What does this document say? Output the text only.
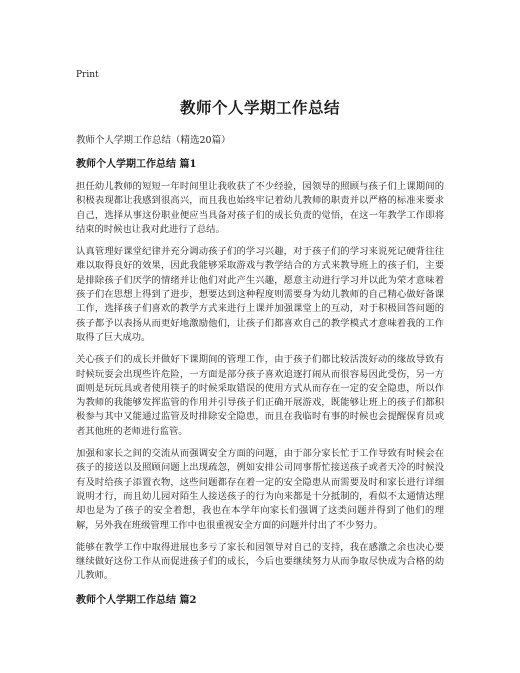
Print
教师个人学期工作总结

教师个人学期工作总结（精选20篇）

教师个人学期工作总结 篇1

担任幼儿教师的短短一年时间里让我收获了不少经验，园领导的照顾与孩子们上课期间的积极表现都让我感到很高兴，而且我也始终牢记着幼儿教师的职责并以严格的标准来要求自己，选择从事这份职业便应当具备对孩子们的成长负责的觉悟，在这一年教学工作即将结束的时候也让我对此进行了总结。

认真管理好课堂纪律并充分调动孩子们的学习兴趣，对于孩子们的学习来说死记硬背往往难以取得良好的效果，因此我能够采取游戏与教学结合的方式来教导班上的孩子们，主要是排除孩子们厌学的情绪并让他们对此产生兴趣，愿意主动进行学习并以此为荣才意味着孩子们在思想上得到了进步，想要达到这种程度则需要身为幼儿教师的自己精心做好备课工作，选择孩子们喜欢的教学方式来进行上课并加强课堂上的互动，对于积极回答问题的孩子都予以表扬从而更好地激励他们，让孩子们都喜欢自己的教学模式才意味着我的工作取得了巨大成功。

关心孩子们的成长并做好下课期间的管理工作，由于孩子们都比较活泼好动的缘故导致有时候玩耍会出现些许危险，一方面是部分孩子喜欢追逐打闹从而很容易因此受伤，另一方面则是玩玩具或者使用筷子的时候采取错误的使用方式从而存在一定的安全隐患，所以作为教师的我能够发挥监管的作用并引导孩子们正确开展游戏，既能够让班上的孩子们都积极参与其中又能通过监管及时排除安全隐患，而且在我临时有事的时候也会提醒保育员或者其他班的老师进行监管。

加强和家长之间的交流从而强调安全方面的问题，由于部分家长忙于工作导致有时候会在孩子的接送以及照顾问题上出现疏忽，例如安排公司同事帮忙接送孩子或者天冷的时候没有及时给孩子添置衣物，这些问题都存在着一定的安全隐患从而需要及时和家长进行详细说明才行，而且幼儿园对陌生人接送孩子的行为向来都是十分抵制的，看似不太通情达理却也是为了孩子的安全着想，我也在本学年向家长们强调了这类问题并得到了他们的理解，另外我在班级管理工作中也很重视安全方面的问题并付出了不少努力。

能够在教学工作中取得进展也多亏了家长和园领导对自己的支持，我在感激之余也决心要继续做好这份工作从而促进孩子们的成长，今后也要继续努力从而争取尽快成为合格的幼儿教师。

教师个人学期工作总结 篇2
